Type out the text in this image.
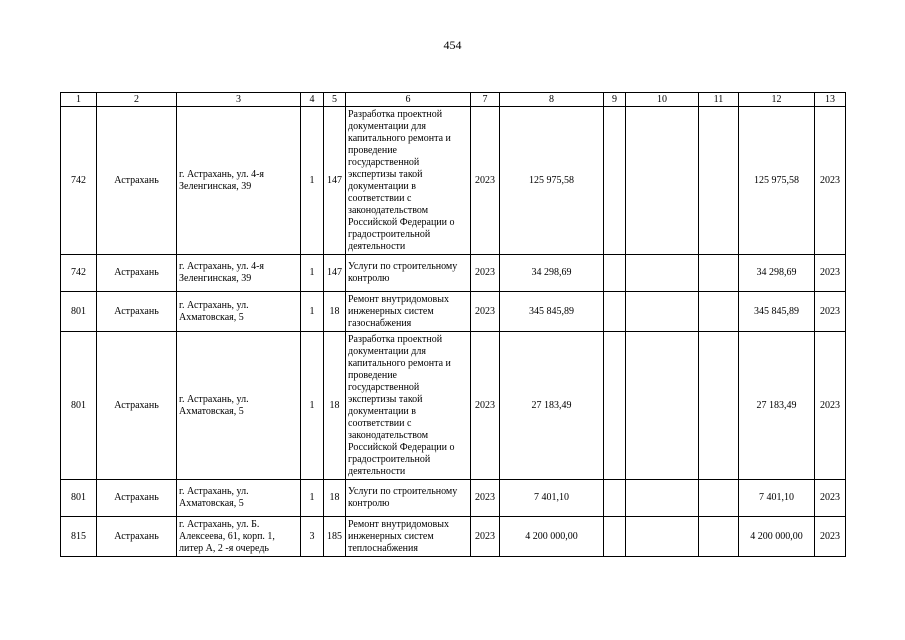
454
1	2	3	4	5	6	7	8	9	10	11	12	13
742	Астрахань	г. Астрахань, ул. 4-я Зеленгинская, 39	1	147	Разработка проектной документации для капитального ремонта и проведение государственной экспертизы такой документации в соответствии с законодательством Российской Федерации о градостроительной деятельности	2023	125 975,58				125 975,58	2023
742	Астрахань	г. Астрахань, ул. 4-я Зеленгинская, 39	1	147	Услуги по строительному контролю	2023	34 298,69				34 298,69	2023
801	Астрахань	г. Астрахань, ул. Ахматовская, 5	1	18	Ремонт внутридомовых инженерных систем газоснабжения	2023	345 845,89				345 845,89	2023
801	Астрахань	г. Астрахань, ул. Ахматовская, 5	1	18	Разработка проектной документации для капитального ремонта и проведение государственной экспертизы такой документации в соответствии с законодательством Российской Федерации о градостроительной деятельности	2023	27 183,49				27 183,49	2023
801	Астрахань	г. Астрахань, ул. Ахматовская, 5	1	18	Услуги по строительному контролю	2023	7 401,10				7 401,10	2023
815	Астрахань	г. Астрахань, ул. Б. Алексеева, 61, корп. 1, литер А, 2 -я очередь	3	185	Ремонт внутридомовых инженерных систем теплоснабжения	2023	4 200 000,00				4 200 000,00	2023
